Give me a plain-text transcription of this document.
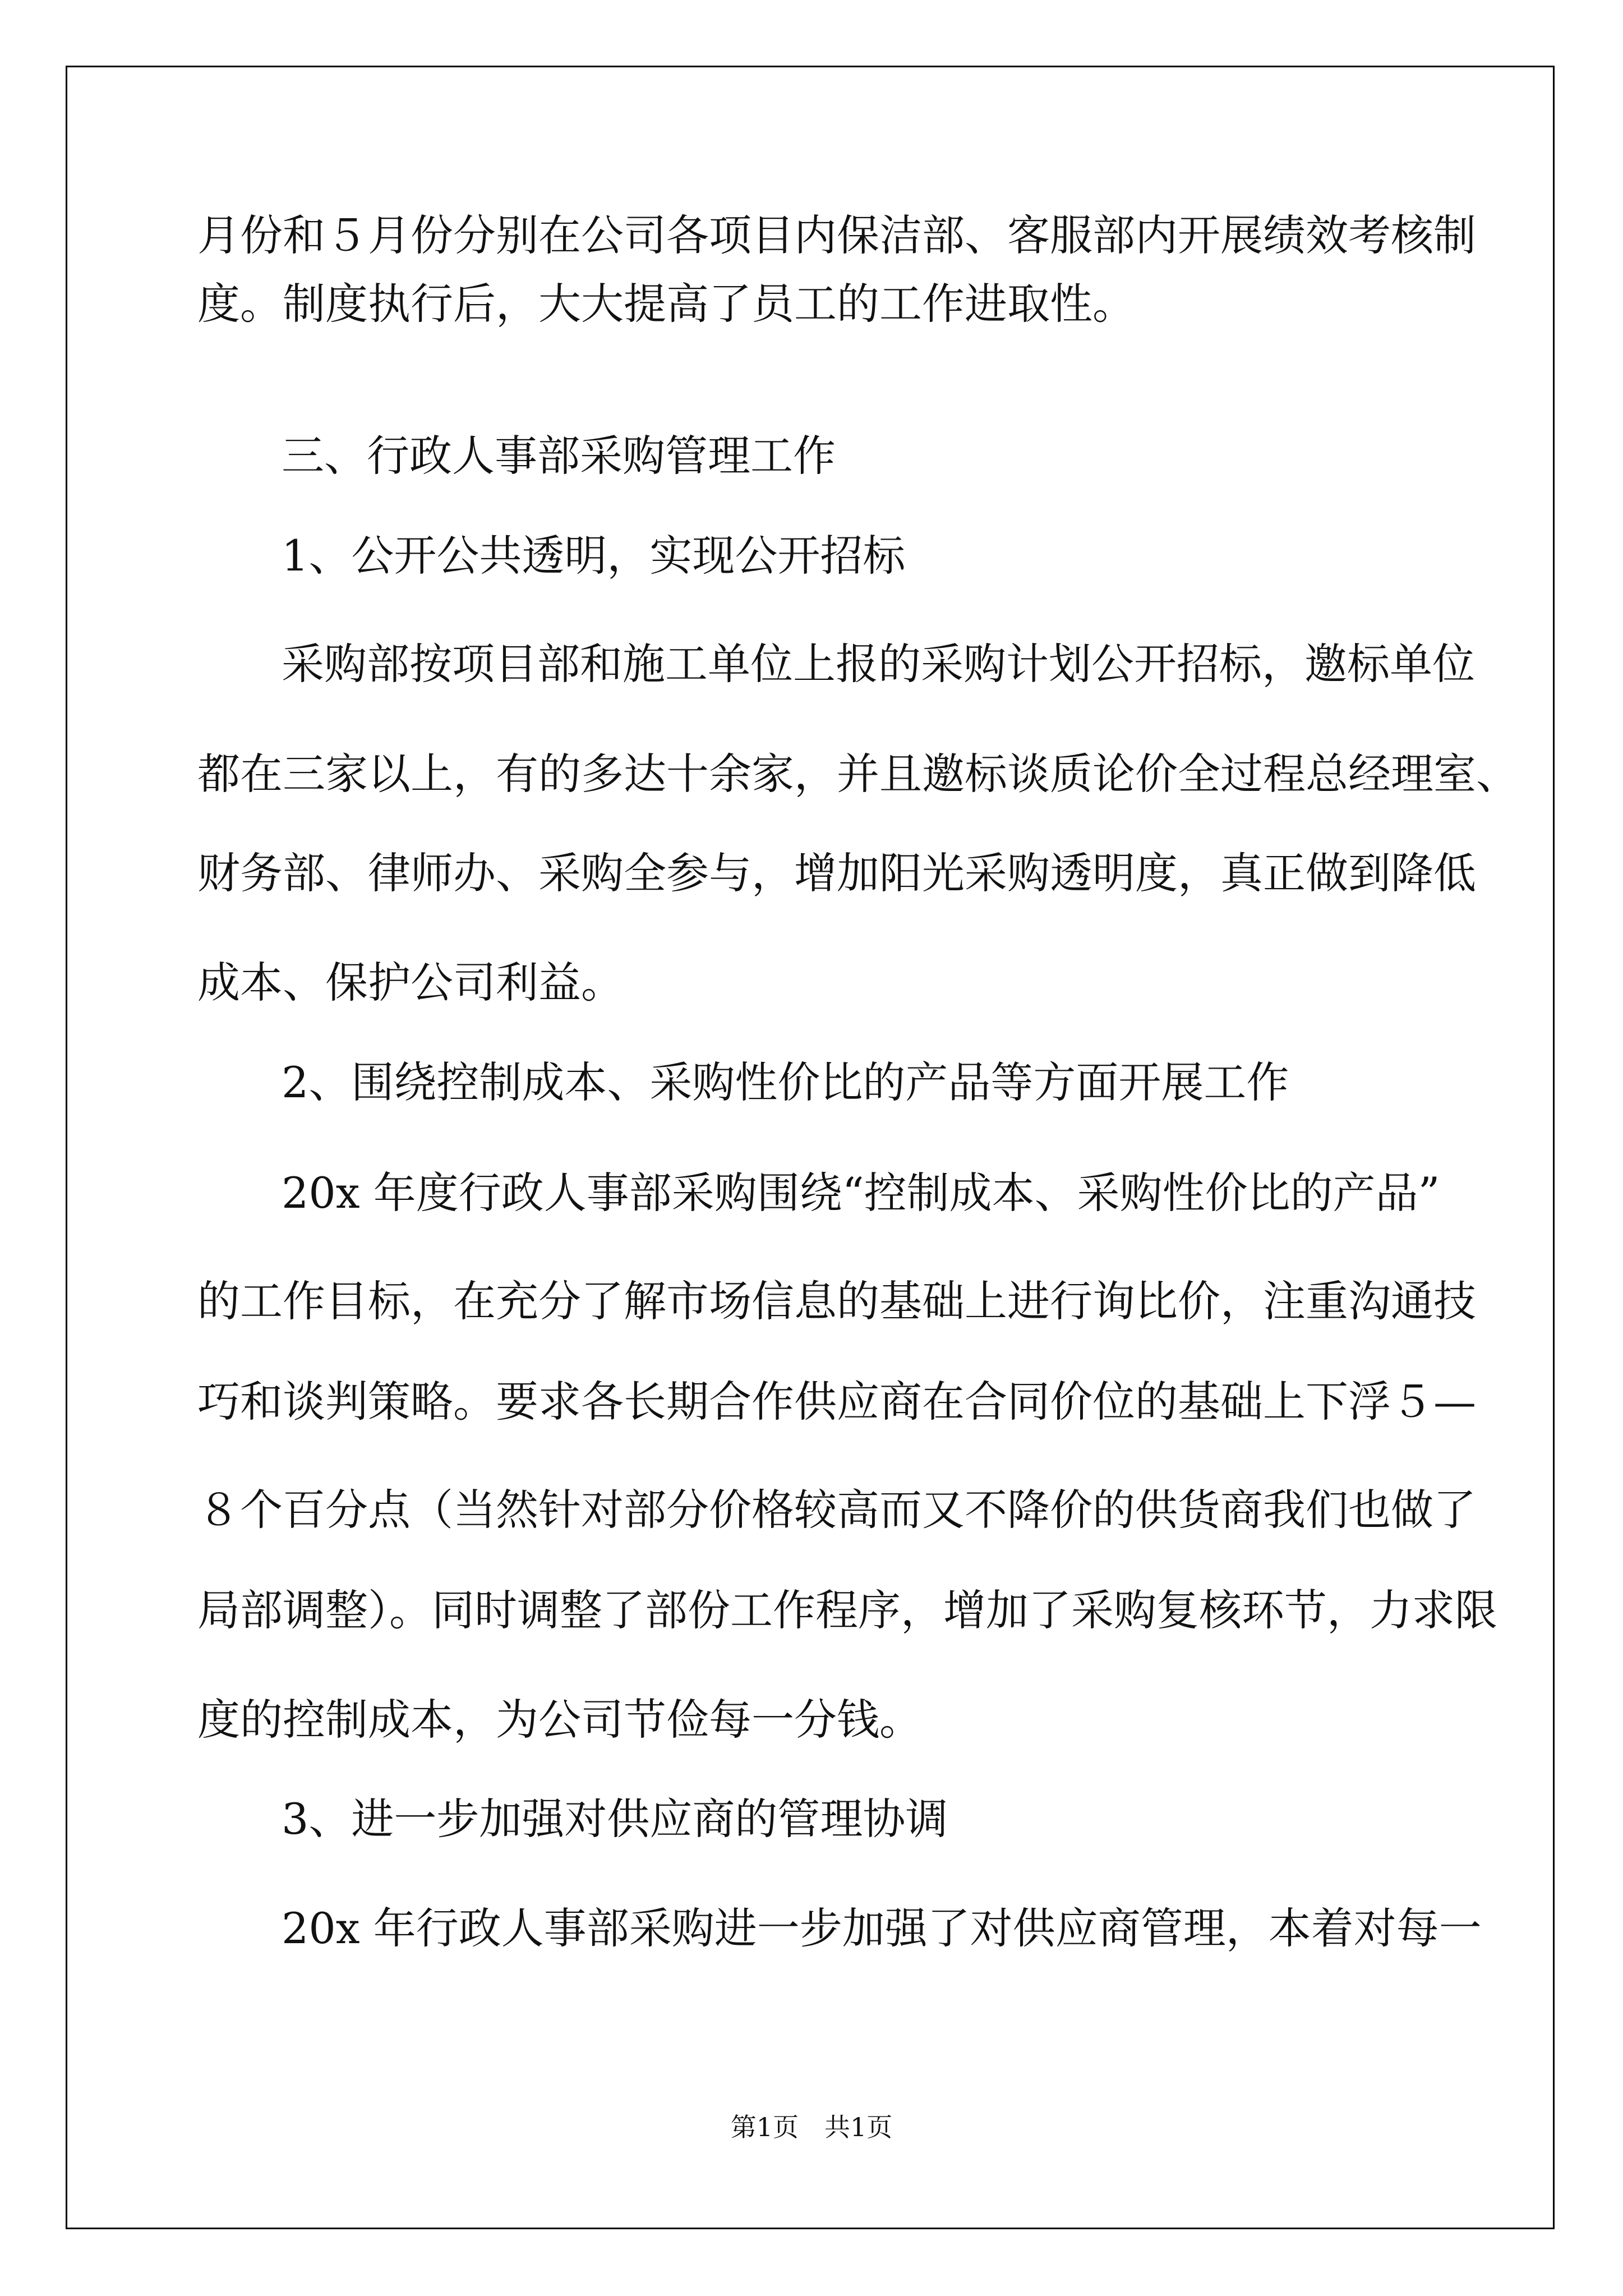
月份和５月份分别在公司各项目内保洁部、客服部内开展绩效考核制
度。制度执行后，大大提高了员工的工作进取性。
三、行政人事部采购管理工作
1、公开公共透明，实现公开招标
采购部按项目部和施工单位上报的采购计划公开招标，邀标单位
都在三家以上，有的多达十余家，并且邀标谈质论价全过程总经理室、
财务部、律师办、采购全参与，增加阳光采购透明度，真正做到降低
成本、保护公司利益。
2、围绕控制成本、采购性价比的产品等方面开展工作
20x 年度行政人事部采购围绕“控制成本、采购性价比的产品”
的工作目标，在充分了解市场信息的基础上进行询比价，注重沟通技
巧和谈判策略。要求各长期合作供应商在合同价位的基础上下浮５—
８个百分点（当然针对部分价格较高而又不降价的供货商我们也做了
局部调整）。同时调整了部份工作程序，增加了采购复核环节，力求限
度的控制成本，为公司节俭每一分钱。
3、进一步加强对供应商的管理协调
20x 年行政人事部采购进一步加强了对供应商管理，本着对每一
第1页　共1页
